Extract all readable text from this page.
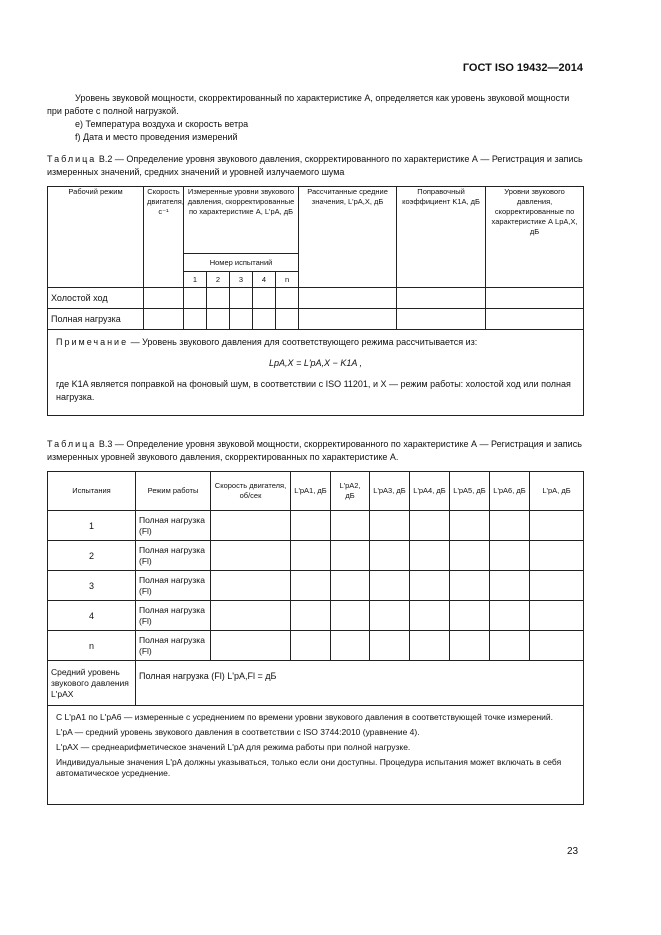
ГОСТ ISO 19432—2014

Уровень звуковой мощности, скорректированный по характеристике А, определяется как уровень звуковой мощности при работе с полной нагрузкой.

e) Температура воздуха и скорость ветра

f) Дата и место проведения измерений

Таблица В.2 — Определение уровня звукового давления, скорректированного по характеристике А — Регистрация и запись измеренных значений, средних значений и уровней излучаемого шума

Рабочий режим	Скорость двигателя, с⁻¹	Измеренные уровни звукового давления, скорректированные по характеристике А, L'pA, дБ					Рассчитанные средние значения, L'pA,X, дБ	Поправочный коэффициент K1A, дБ	Уровни звукового давления, скорректированные по характеристике А LpA,X, дБ
		Номер испытаний							
		1	2	3	4	n			
Холостой ход									
Полная нагрузка									

Примечание — Уровень звукового давления для соответствующего режима рассчитывается из:

LpA,X = L'pA,X − K1A ,

где K1A является поправкой на фоновый шум, в соответствии с ISO 11201, и X — режим работы: холостой ход или полная нагрузка.									

Таблица В.3 — Определение уровня звуковой мощности, скорректированного по характеристике А — Регистрация и запись измеренных уровней звукового давления, скорректированных по характеристике А.

Испытания	Режим работы	Скорость двигателя, об/сек	L'pA1, дБ	L'pA2, дБ	L'pA3, дБ	L'pA4, дБ	L'pA5, дБ	L'pA6, дБ	L'pA, дБ
1	Полная нагрузка (Fl)								
2	Полная нагрузка (Fl)								
3	Полная нагрузка (Fl)								
4	Полная нагрузка (Fl)								
n	Полная нагрузка (Fl)								
Средний уровень звукового давления L'pAX	Полная нагрузка (Fl) L'pA,Fl = дБ								

С L'pA1 по L'pA6 — измеренные с усреднением по времени уровни звукового давления в соответствующей точке измерений.

L'pA — средний уровень звукового давления в соответствии с ISO 3744:2010 (уравнение 4).

L'pAX — среднеарифметическое значений L'pA для режима работы при полной нагрузке.

Индивидуальные значения L'pA должны указываться, только если они доступны. Процедура испытания может включать в себя автоматическое усреднение.									

23
